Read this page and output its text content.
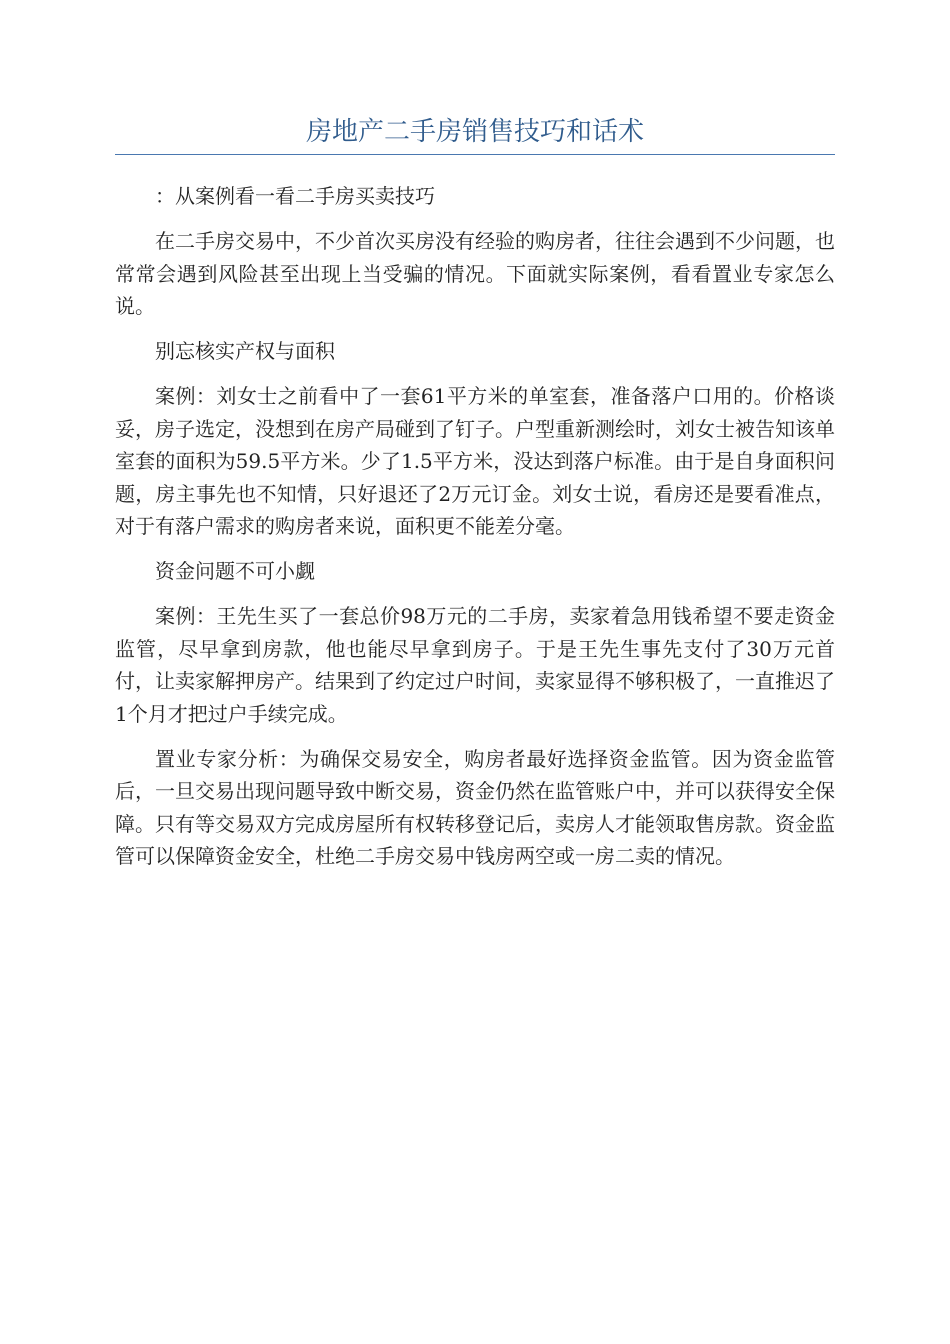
房地产二手房销售技巧和话术

：从案例看一看二手房买卖技巧

在二手房交易中，不少首次买房没有经验的购房者，往往会遇到不少问题，也常常会遇到风险甚至出现上当受骗的情况。下面就实际案例，看看置业专家怎么说。

别忘核实产权与面积

案例：刘女士之前看中了一套61平方米的单室套，准备落户口用的。价格谈妥，房子选定，没想到在房产局碰到了钉子。户型重新测绘时，刘女士被告知该单室套的面积为59.5平方米。少了1.5平方米，没达到落户标准。由于是自身面积问题，房主事先也不知情，只好退还了2万元订金。刘女士说，看房还是要看准点，对于有落户需求的购房者来说，面积更不能差分毫。

资金问题不可小觑

案例：王先生买了一套总价98万元的二手房，卖家着急用钱希望不要走资金监管，尽早拿到房款，他也能尽早拿到房子。于是王先生事先支付了30万元首付，让卖家解押房产。结果到了约定过户时间，卖家显得不够积极了，一直推迟了1个月才把过户手续完成。

置业专家分析：为确保交易安全，购房者最好选择资金监管。因为资金监管后，一旦交易出现问题导致中断交易，资金仍然在监管账户中，并可以获得安全保障。只有等交易双方完成房屋所有权转移登记后，卖房人才能领取售房款。资金监管可以保障资金安全，杜绝二手房交易中钱房两空或一房二卖的情况。
